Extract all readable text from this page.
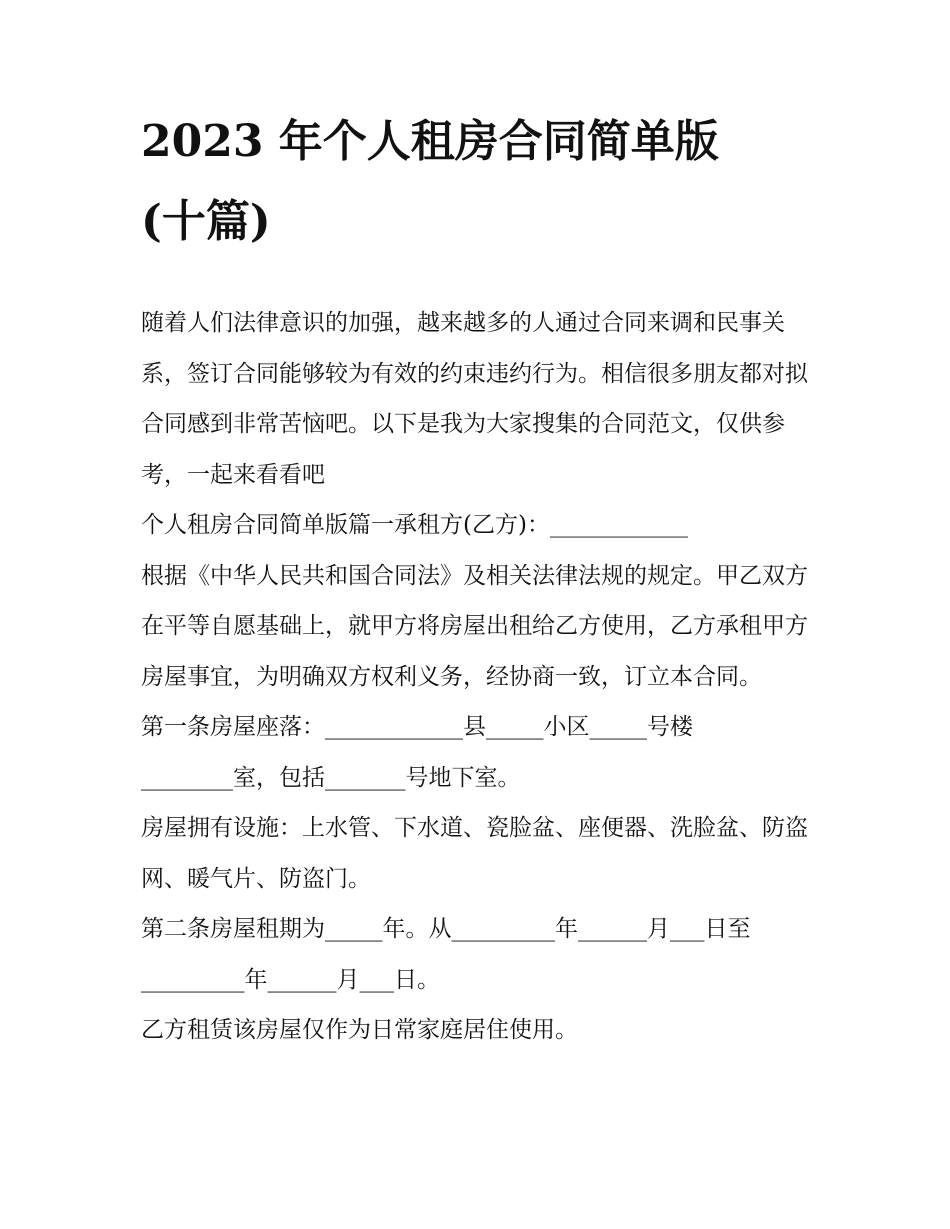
2023 年个人租房合同简单版
(十篇)

随着人们法律意识的加强，越来越多的人通过合同来调和民事关系，签订合同能够较为有效的约束违约行为。相信很多朋友都对拟合同感到非常苦恼吧。以下是我为大家搜集的合同范文，仅供参考，一起来看看吧

个人租房合同简单版篇一承租方(乙方)：____________

根据《中华人民共和国合同法》及相关法律法规的规定。甲乙双方在平等自愿基础上，就甲方将房屋出租给乙方使用，乙方承租甲方房屋事宜，为明确双方权利义务，经协商一致，订立本合同。

第一条房屋座落：____________县_____小区_____号楼
________室，包括_______号地下室。

房屋拥有设施：上水管、下水道、瓷脸盆、座便器、洗脸盆、防盗网、暖气片、防盗门。

第二条房屋租期为_____年。从_________年______月___日至
_________年______月___日。

乙方租赁该房屋仅作为日常家庭居住使用。
